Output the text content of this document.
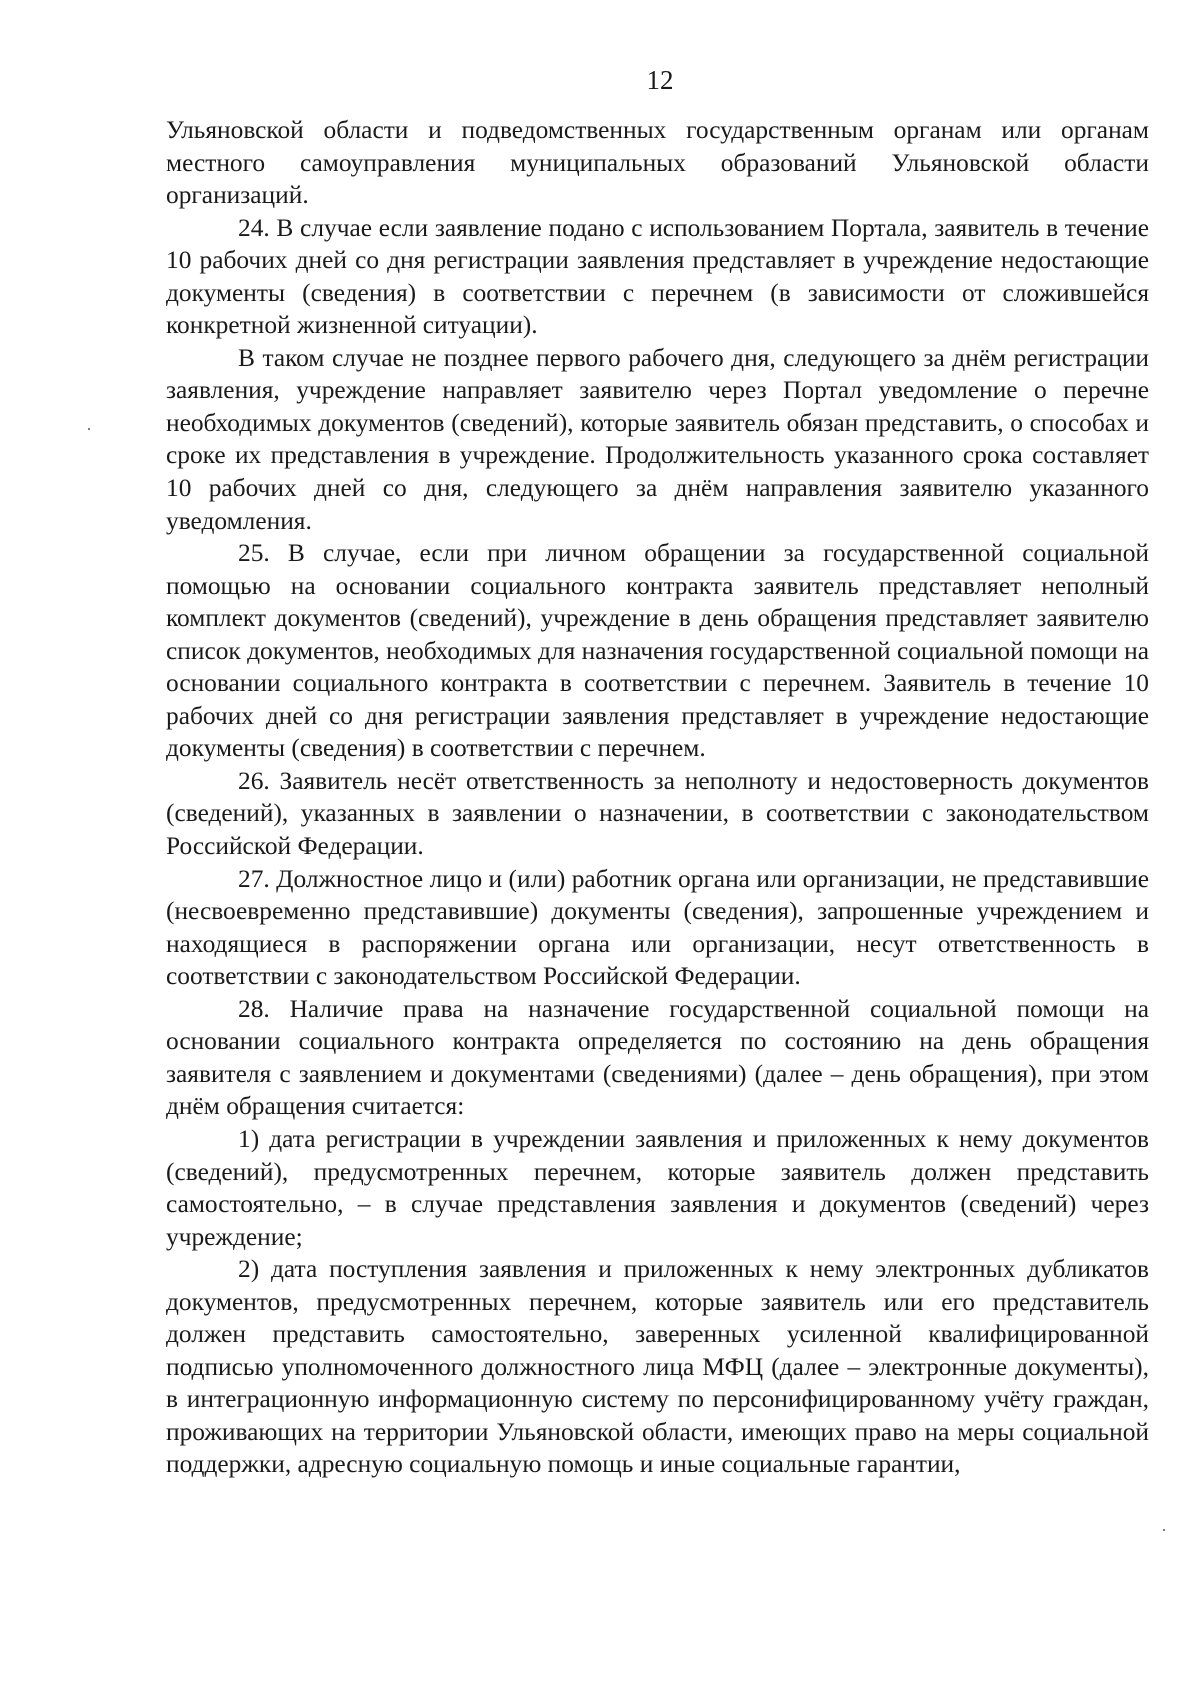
12

Ульяновской области и подведомственных государственным органам или органам местного самоуправления муниципальных образований Ульяновской области организаций.

24. В случае если заявление подано с использованием Портала, заявитель в течение 10 рабочих дней со дня регистрации заявления представляет в учреждение недостающие документы (сведения) в соответствии с перечнем (в зависимости от сложившейся конкретной жизненной ситуации).

В таком случае не позднее первого рабочего дня, следующего за днём регистрации заявления, учреждение направляет заявителю через Портал уведомление о перечне необходимых документов (сведений), которые заявитель обязан представить, о способах и сроке их представления в учреждение. Продолжительность указанного срока составляет 10 рабочих дней со дня, следующего за днём направления заявителю указанного уведомления.

25. В случае, если при личном обращении за государственной социальной помощью на основании социального контракта заявитель представляет неполный комплект документов (сведений), учреждение в день обращения представляет заявителю список документов, необходимых для назначения государственной социальной помощи на основании социального контракта в соответствии с перечнем. Заявитель в течение 10 рабочих дней со дня регистрации заявления представляет в учреждение недостающие документы (сведения) в соответствии с перечнем.

26. Заявитель несёт ответственность за неполноту и недостоверность документов (сведений), указанных в заявлении о назначении, в соответствии с законодательством Российской Федерации.

27. Должностное лицо и (или) работник органа или организации, не представившие (несвоевременно представившие) документы (сведения), запрошенные учреждением и находящиеся в распоряжении органа или организации, несут ответственность в соответствии с законодательством Российской Федерации.

28. Наличие права на назначение государственной социальной помощи на основании социального контракта определяется по состоянию на день обращения заявителя с заявлением и документами (сведениями) (далее – день обращения), при этом днём обращения считается:

1) дата регистрации в учреждении заявления и приложенных к нему документов (сведений), предусмотренных перечнем, которые заявитель должен представить самостоятельно, – в случае представления заявления и документов (сведений) через учреждение;

2) дата поступления заявления и приложенных к нему электронных дубликатов документов, предусмотренных перечнем, которые заявитель или его представитель должен представить самостоятельно, заверенных усиленной квалифицированной подписью уполномоченного должностного лица МФЦ (далее – электронные документы), в интеграционную информационную систему по персонифицированному учёту граждан, проживающих на территории Ульяновской области, имеющих право на меры социальной поддержки, адресную социальную помощь и иные социальные гарантии,
